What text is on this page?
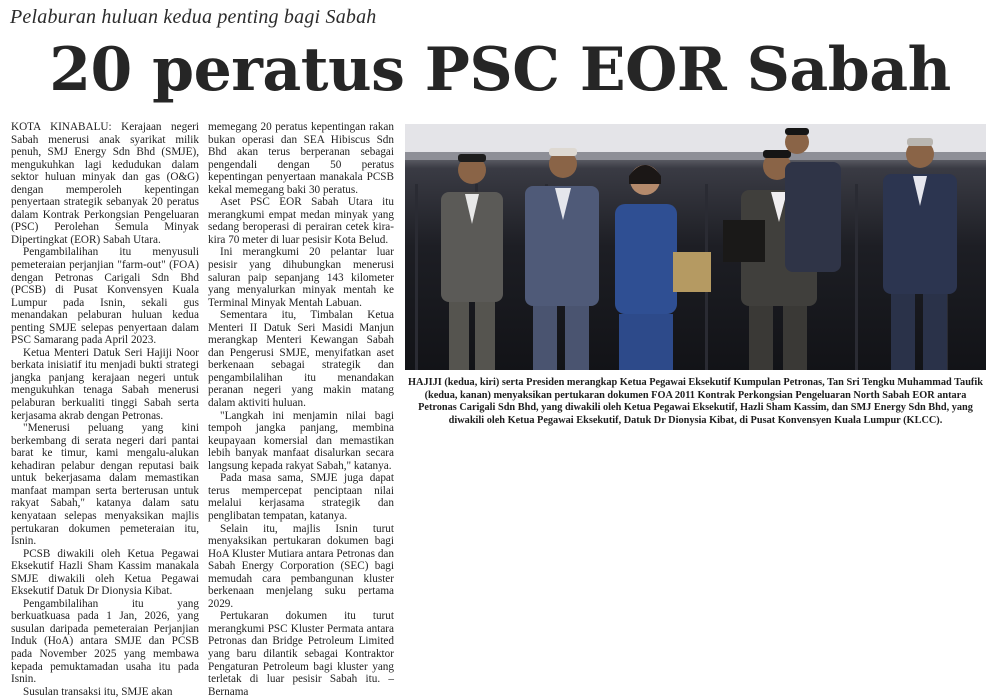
Pelaburan huluan kedua penting bagi Sabah
20 peratus PSC EOR Sabah

KOTA KINABALU: Kerajaan negeri Sabah menerusi anak syarikat milik penuh, SMJ Energy Sdn Bhd (SMJE), mengukuhkan lagi kedudukan dalam sektor huluan minyak dan gas (O&G) dengan memperoleh kepentingan penyertaan strategik sebanyak 20 peratus dalam Kontrak Perkongsian Pengeluaran (PSC) Perolehan Semula Minyak Dipertingkat (EOR) Sabah Utara.

Pengambilalihan itu menyusuli pemeteraian perjanjian "farm-out" (FOA) dengan Petronas Carigali Sdn Bhd (PCSB) di Pusat Konvensyen Kuala Lumpur pada Isnin, sekali gus menandakan pelaburan huluan kedua penting SMJE selepas penyertaan dalam PSC Samarang pada April 2023.

Ketua Menteri Datuk Seri Hajiji Noor berkata inisiatif itu menjadi bukti strategi jangka panjang kerajaan negeri untuk mengukuhkan tenaga Sabah menerusi pelaburan berkualiti tinggi Sabah serta kerjasama akrab dengan Petronas.

"Menerusi peluang yang kini berkembang di serata negeri dari pantai barat ke timur, kami mengalu-alukan kehadiran pelabur dengan reputasi baik untuk bekerjasama dalam memastikan manfaat mampan serta berterusan untuk rakyat Sabah," katanya dalam satu kenyataan selepas menyaksikan majlis pertukaran dokumen pemeteraian itu, Isnin.

PCSB diwakili oleh Ketua Pegawai Eksekutif Hazli Sham Kassim manakala SMJE diwakili oleh Ketua Pegawai Eksekutif Datuk Dr Dionysia Kibat.

Pengambilalihan itu yang berkuatkuasa pada 1 Jan, 2026, yang susulan daripada pemeteraian Perjanjian Induk (HoA) antara SMJE dan PCSB pada November 2025 yang membawa kepada pemuktamadan usaha itu pada Isnin.

Susulan transaksi itu, SMJE akan

memegang 20 peratus kepentingan rakan bukan operasi dan SEA Hibiscus Sdn Bhd akan terus berperanan sebagai pengendali dengan 50 peratus kepentingan penyertaan manakala PCSB kekal memegang baki 30 peratus.

Aset PSC EOR Sabah Utara itu merangkumi empat medan minyak yang sedang beroperasi di perairan cetek kira-kira 70 meter di luar pesisir Kota Belud.

Ini merangkumi 20 pelantar luar pesisir yang dihubungkan menerusi saluran paip sepanjang 143 kilometer yang menyalurkan minyak mentah ke Terminal Minyak Mentah Labuan.

Sementara itu, Timbalan Ketua Menteri II Datuk Seri Masidi Manjun merangkap Menteri Kewangan Sabah dan Pengerusi SMJE, menyifatkan aset berkenaan sebagai strategik dan pengambilalihan itu menandakan peranan negeri yang makin matang dalam aktiviti huluan.

"Langkah ini menjamin nilai bagi tempoh jangka panjang, membina keupayaan komersial dan memastikan lebih banyak manfaat disalurkan secara langsung kepada rakyat Sabah," katanya.

Pada masa sama, SMJE juga dapat terus mempercepat penciptaan nilai melalui kerjasama strategik dan penglibatan tempatan, katanya.

Selain itu, majlis Isnin turut menyaksikan pertukaran dokumen bagi HoA Kluster Mutiara antara Petronas dan Sabah Energy Corporation (SEC) bagi memudah cara pembangunan kluster berkenaan menjelang suku pertama 2029.

Pertukaran dokumen itu turut merangkumi PSC Kluster Permata antara Petronas dan Bridge Petroleum Limited yang baru dilantik sebagai Kontraktor Pengaturan Petroleum bagi kluster yang terletak di luar pesisir Sabah itu. – Bernama

HAJIJI (kedua, kiri) serta Presiden merangkap Ketua Pegawai Eksekutif Kumpulan Petronas, Tan Sri Tengku Muhammad Taufik (kedua, kanan) menyaksikan pertukaran dokumen FOA 2011 Kontrak Perkongsian Pengeluaran North Sabah EOR antara Petronas Carigali Sdn Bhd, yang diwakili oleh Ketua Pegawai Eksekutif, Hazli Sham Kassim, dan SMJ Energy Sdn Bhd, yang diwakili oleh Ketua Pegawai Eksekutif, Datuk Dr Dionysia Kibat, di Pusat Konvensyen Kuala Lumpur (KLCC).
